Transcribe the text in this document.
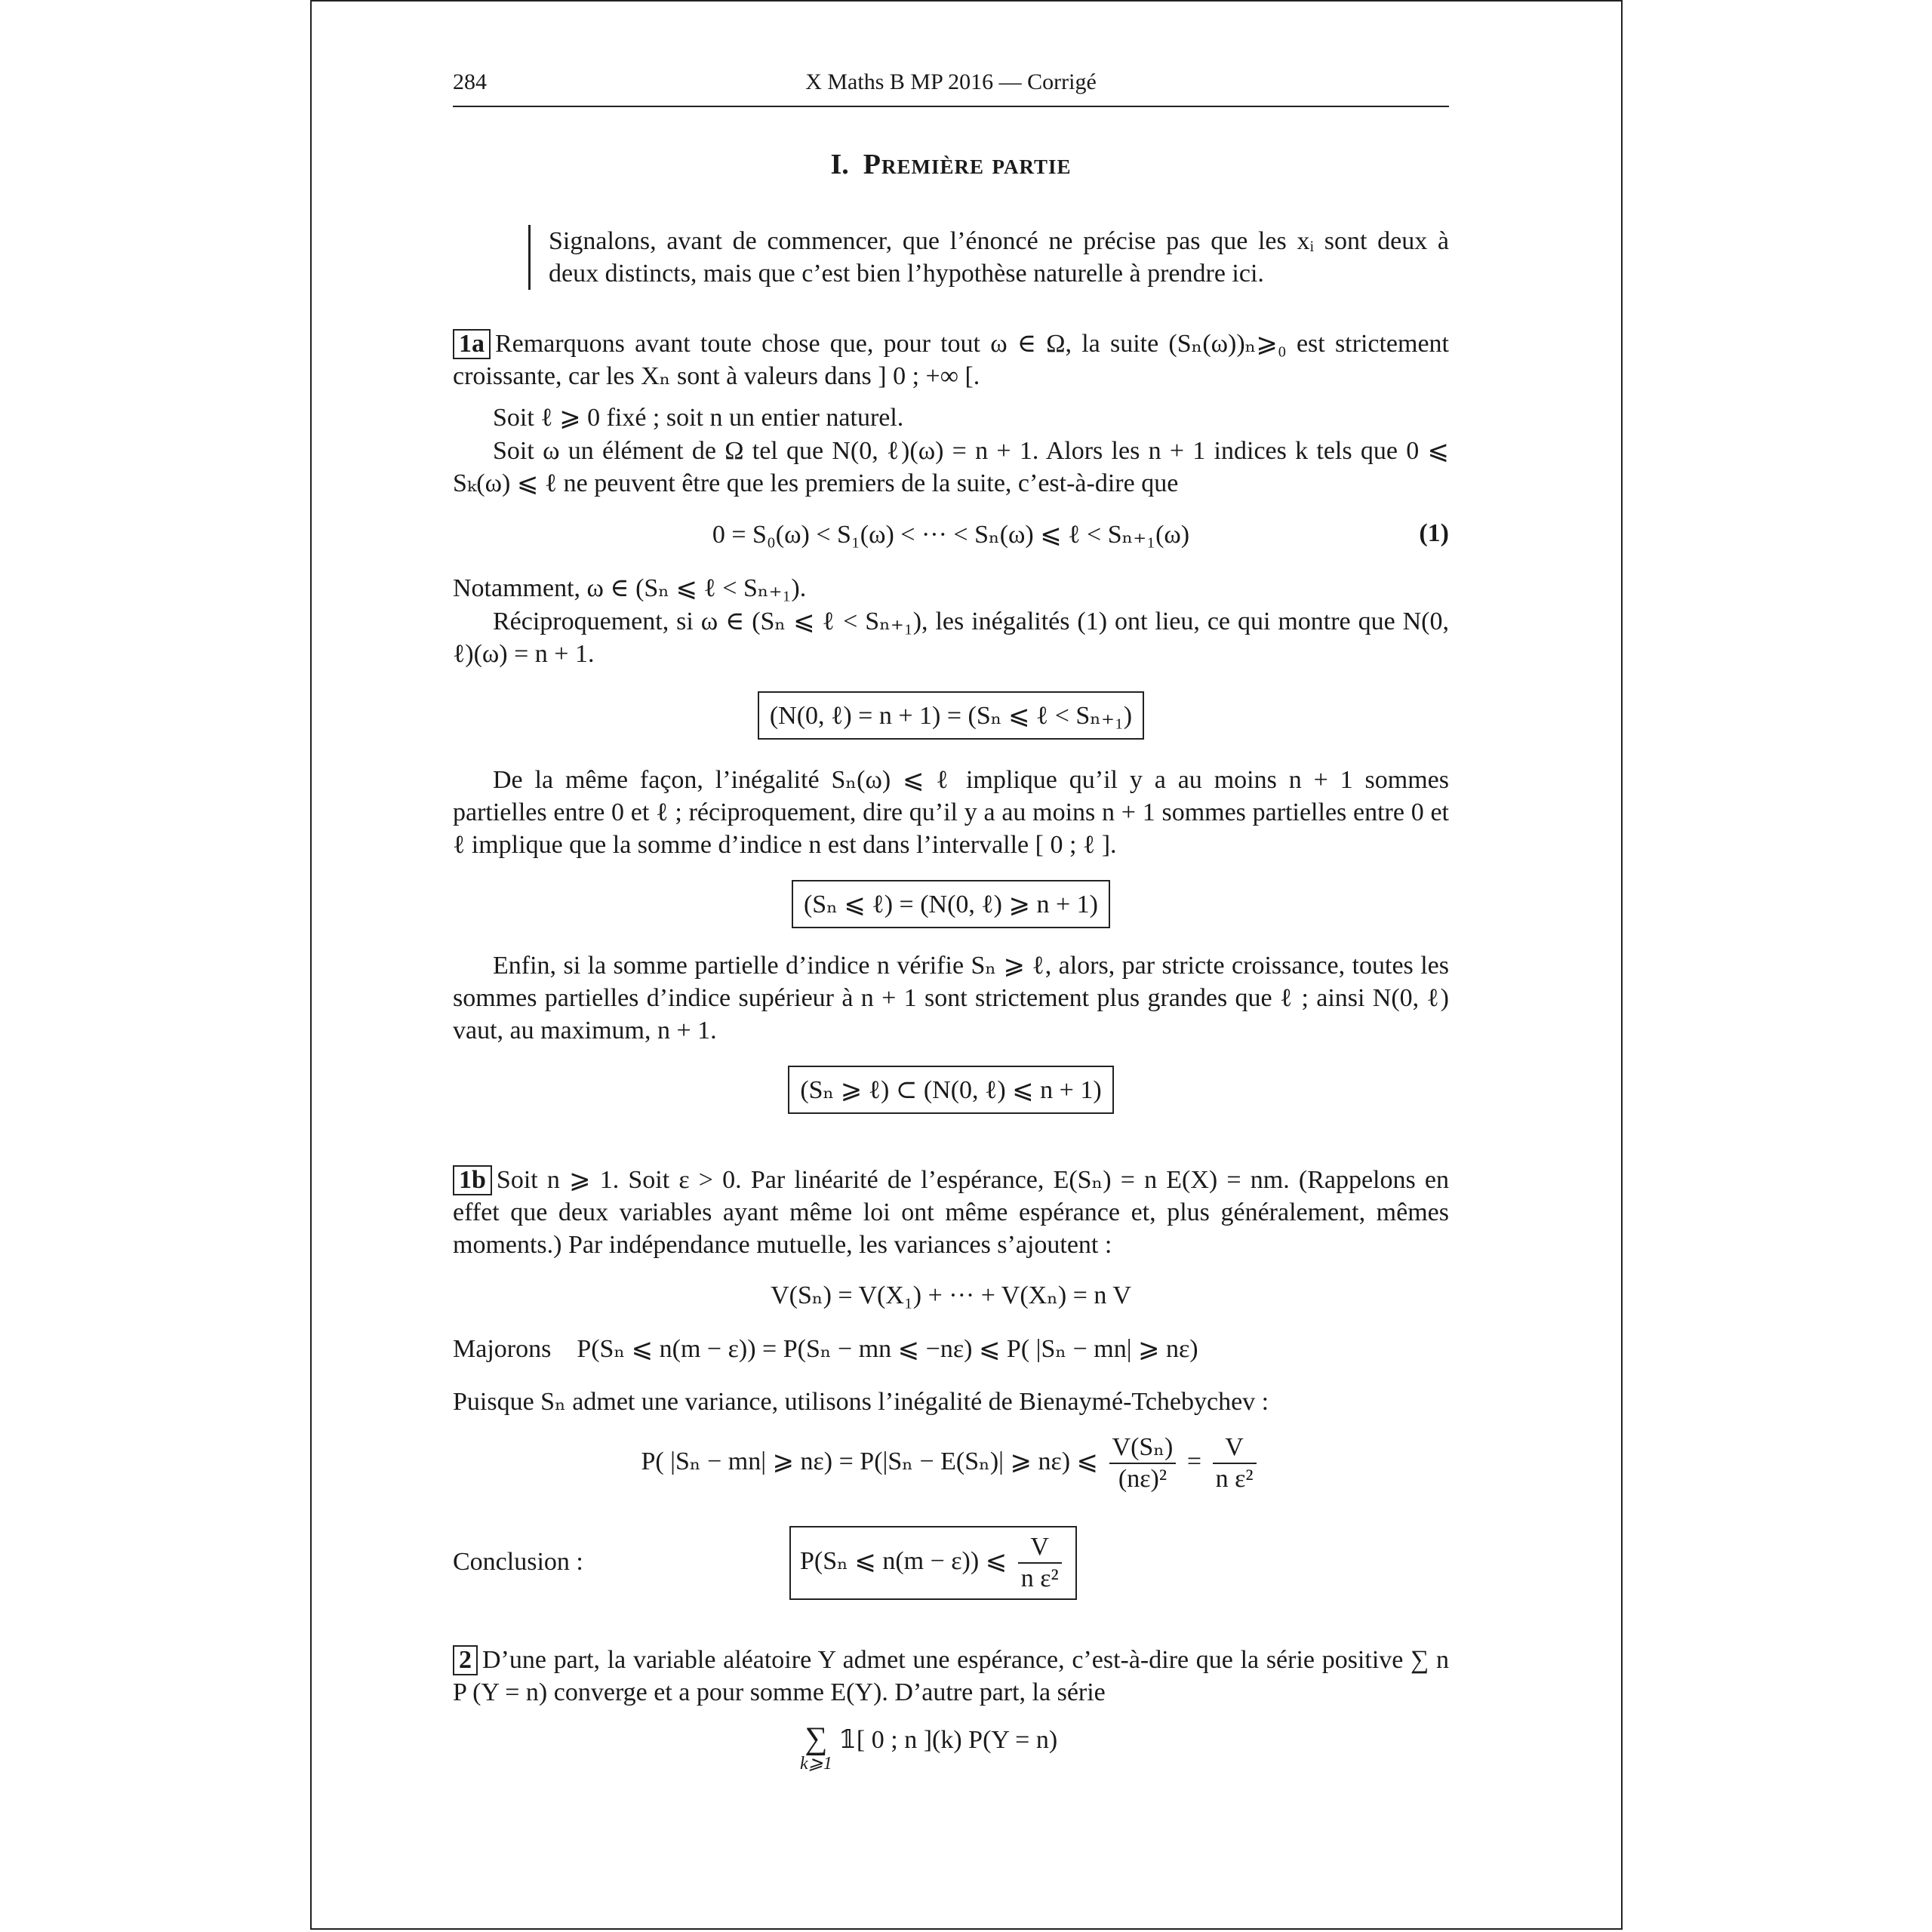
284	X Maths B MP 2016 — Corrigé
I. Première partie
Signalons, avant de commencer, que l’énoncé ne précise pas que les xᵢ sont deux à deux distincts, mais que c’est bien l’hypothèse naturelle à prendre ici.
1a Remarquons avant toute chose que, pour tout ω ∈ Ω, la suite (Sₙ(ω))ₙ⩾₀ est strictement croissante, car les Xₙ sont à valeurs dans ] 0 ; +∞ [.
Soit ℓ ⩾ 0 fixé ; soit n un entier naturel.
Soit ω un élément de Ω tel que N(0, ℓ)(ω) = n + 1. Alors les n + 1 indices k tels que 0 ⩽ Sₖ(ω) ⩽ ℓ ne peuvent être que les premiers de la suite, c’est-à-dire que
0 = S₀(ω) < S₁(ω) < ··· < Sₙ(ω) ⩽ ℓ < Sₙ₊₁(ω)	(1)
Notamment, ω ∈ (Sₙ ⩽ ℓ < Sₙ₊₁).
Réciproquement, si ω ∈ (Sₙ ⩽ ℓ < Sₙ₊₁), les inégalités (1) ont lieu, ce qui montre que N(0, ℓ)(ω) = n + 1.
(N(0, ℓ) = n + 1) = (Sₙ ⩽ ℓ < Sₙ₊₁)
De la même façon, l’inégalité Sₙ(ω) ⩽ ℓ implique qu’il y a au moins n + 1 sommes partielles entre 0 et ℓ ; réciproquement, dire qu’il y a au moins n + 1 sommes partielles entre 0 et ℓ implique que la somme d’indice n est dans l’intervalle [ 0 ; ℓ ].
(Sₙ ⩽ ℓ) = (N(0, ℓ) ⩾ n + 1)
Enfin, si la somme partielle d’indice n vérifie Sₙ ⩾ ℓ, alors, par stricte croissance, toutes les sommes partielles d’indice supérieur à n + 1 sont strictement plus grandes que ℓ ; ainsi N(0, ℓ) vaut, au maximum, n + 1.
(Sₙ ⩾ ℓ) ⊂ (N(0, ℓ) ⩽ n + 1)
1b Soit n ⩾ 1. Soit ε > 0. Par linéarité de l’espérance, E(Sₙ) = n E(X) = nm. (Rappelons en effet que deux variables ayant même loi ont même espérance et, plus généralement, mêmes moments.) Par indépendance mutuelle, les variances s’ajoutent :
V(Sₙ) = V(X₁) + ··· + V(Xₙ) = n V
Majorons P(Sₙ ⩽ n(m − ε)) = P(Sₙ − mn ⩽ −nε) ⩽ P( |Sₙ − mn| ⩾ nε)
Puisque Sₙ admet une variance, utilisons l’inégalité de Bienaymé-Tchebychev :
P( |Sₙ − mn| ⩾ nε) = P(|Sₙ − E(Sₙ)| ⩾ nε) ⩽ $\frac{\text{V(Sₙ)}}{\text{(nε)²}} = \frac{V}{\text{n ε²}}$
Conclusion :	P(Sₙ ⩽ n(m − ε)) ⩽ $\frac{V}{\text{n ε²}}$
2 D’une part, la variable aléatoire Y admet une espérance, c’est-à-dire que la série positive ∑ n P (Y = n) converge et a pour somme E(Y). D’autre part, la série
∑
k⩾1
𝟙[ 0 ; n ](k) P(Y = n)
